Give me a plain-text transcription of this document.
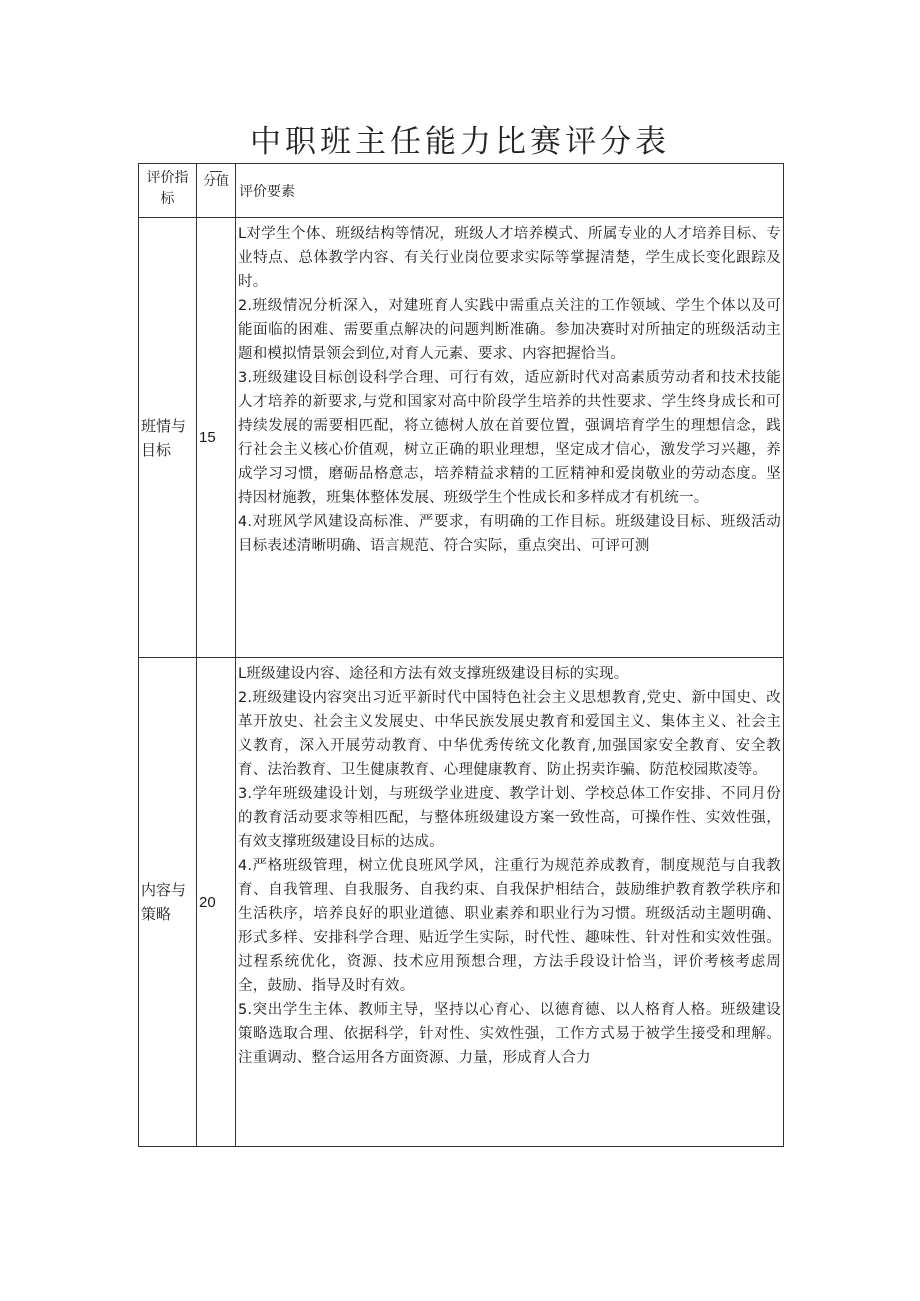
中职班主任能力比赛评分表
评价指标	分值	评价要素
班情与目标	15	L对学生个体、班级结构等情况，班级人才培养模式、所属专业的人才培养目标、专业特点、总体教学内容、有关行业岗位要求实际等掌握清楚，学生成长变化跟踪及时。

2.班级情况分析深入，对建班育人实践中需重点关注的工作领域、学生个体以及可能面临的困难、需要重点解决的问题判断准确。参加决赛时对所抽定的班级活动主题和模拟情景领会到位,对育人元素、要求、内容把握恰当。

3.班级建设目标创设科学合理、可行有效，适应新时代对高素质劳动者和技术技能人才培养的新要求,与党和国家对高中阶段学生培养的共性要求、学生终身成长和可持续发展的需要相匹配，将立德树人放在首要位置，强调培育学生的理想信念，践行社会主义核心价值观，树立正确的职业理想，坚定成才信心，激发学习兴趣，养成学习习惯，磨砺品格意志，培养精益求精的工匠精神和爱岗敬业的劳动态度。坚持因材施教，班集体整体发展、班级学生个性成长和多样成才有机统一。

4.对班风学风建设高标准、严要求，有明确的工作目标。班级建设目标、班级活动目标表述清晰明确、语言规范、符合实际，重点突出、可评可测

内容与策略	20	L班级建设内容、途径和方法有效支撑班级建设目标的实现。

2.班级建设内容突出习近平新时代中国特色社会主义思想教育,党史、新中国史、改革开放史、社会主义发展史、中华民族发展史教育和爱国主义、集体主义、社会主义教育，深入开展劳动教育、中华优秀传统文化教育,加强国家安全教育、安全教育、法治教育、卫生健康教育、心理健康教育、防止拐卖诈骗、防范校园欺凌等。

3.学年班级建设计划，与班级学业进度、教学计划、学校总体工作安排、不同月份的教育活动要求等相匹配，与整体班级建设方案一致性高，可操作性、实效性强，有效支撑班级建设目标的达成。

4.严格班级管理，树立优良班风学风，注重行为规范养成教育，制度规范与自我教育、自我管理、自我服务、自我约束、自我保护相结合，鼓励维护教育教学秩序和生活秩序，培养良好的职业道德、职业素养和职业行为习惯。班级活动主题明确、形式多样、安排科学合理、贴近学生实际，时代性、趣味性、针对性和实效性强。过程系统优化，资源、技术应用预想合理，方法手段设计恰当，评价考核考虑周全，鼓励、指导及时有效。

5.突出学生主体、教师主导，坚持以心育心、以德育德、以人格育人格。班级建设策略选取合理、依据科学，针对性、实效性强，工作方式易于被学生接受和理解。注重调动、整合运用各方面资源、力量，形成育人合力
